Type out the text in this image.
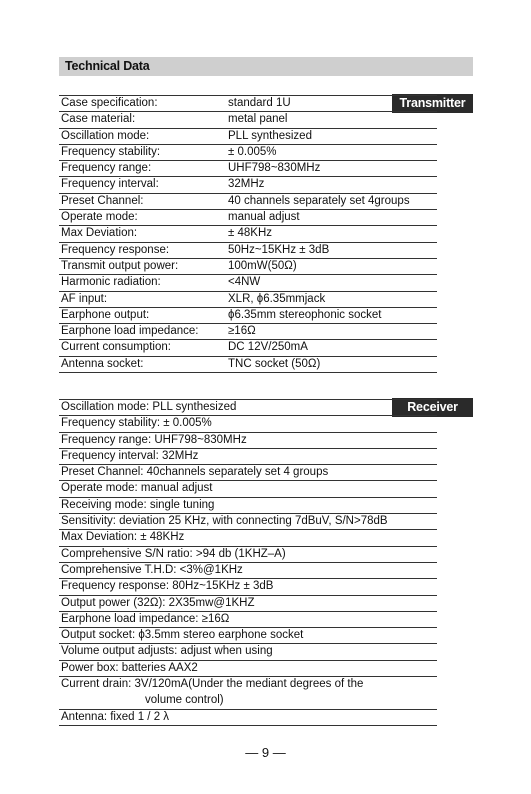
Technical Data
Transmitter
Case specification:	standard 1U
Case material:	metal panel
Oscillation mode:	PLL synthesized
Frequency stability:	± 0.005%
Frequency range:	UHF798~830MHz
Frequency interval:	32MHz
Preset Channel:	40 channels separately set 4groups
Operate mode:	manual adjust
Max Deviation:	± 48KHz
Frequency response:	50Hz~15KHz ± 3dB
Transmit output power:	100mW(50Ω)
Harmonic radiation:	<4NW
AF input:	XLR, ϕ6.35mmjack
Earphone output:	ϕ6.35mm stereophonic socket
Earphone load impedance:	≥16Ω
Current consumption:	DC 12V/250mA
Antenna socket:	TNC socket (50Ω)
Receiver
Oscillation mode: PLL synthesized
Frequency stability: ± 0.005%
Frequency range: UHF798~830MHz
Frequency interval: 32MHz
Preset Channel: 40channels separately set 4 groups
Operate mode: manual adjust
Receiving mode: single tuning
Sensitivity: deviation 25 KHz, with connecting 7dBuV, S/N>78dB
Max Deviation: ± 48KHz
Comprehensive S/N ratio: >94 db (1KHZ–A)
Comprehensive T.H.D: <3%@1KHz
Frequency response: 80Hz~15KHz ± 3dB
Output power (32Ω): 2X35mw@1KHZ
Earphone load impedance: ≥16Ω
Output socket: ϕ3.5mm stereo earphone socket
Volume output adjusts: adjust when using
Power box: batteries AAX2
Current drain: 3V/120mA(Under the mediant degrees of the
volume control)
Antenna: fixed 1 / 2 λ
— 9 —
